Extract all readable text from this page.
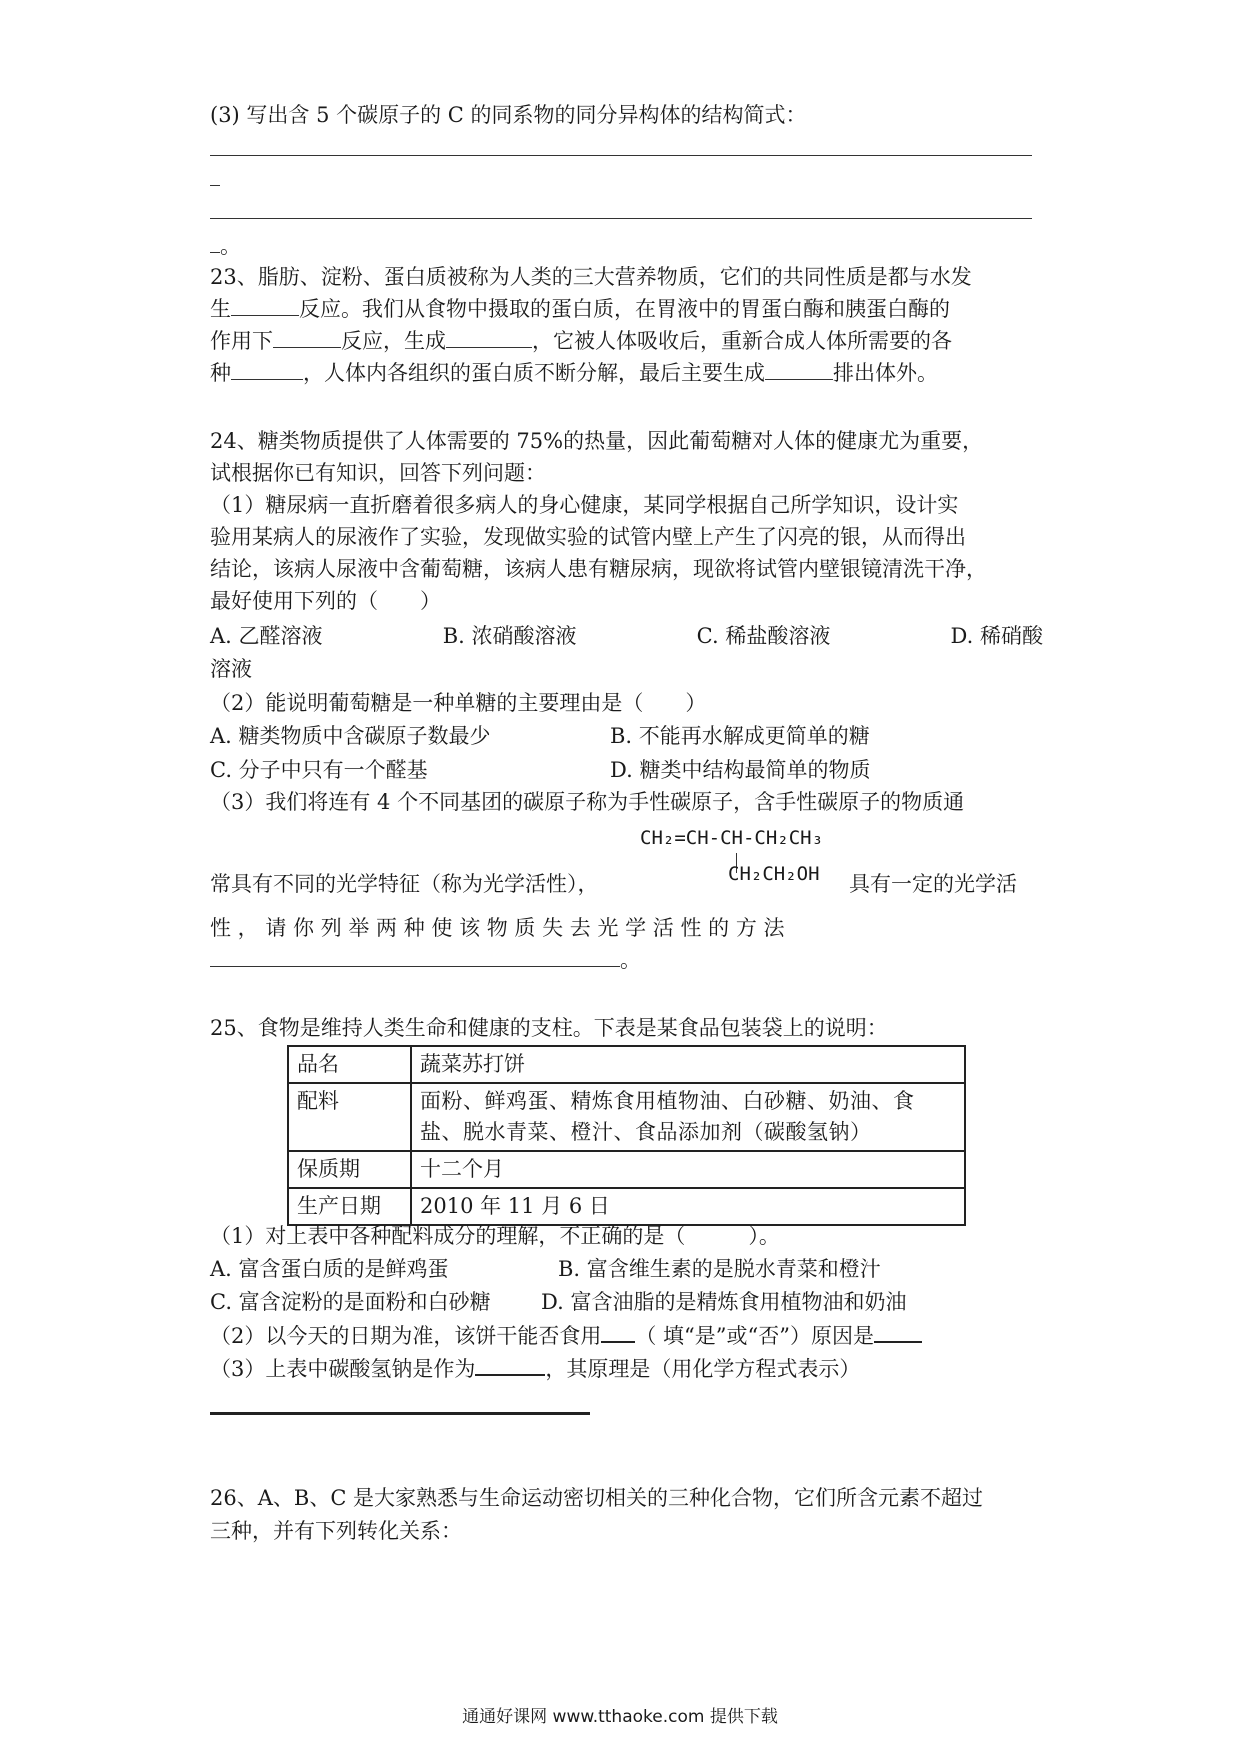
(3) 写出含 5 个碳原子的 C 的同系物的同分异构体的结构简式：
。
23、脂肪、淀粉、蛋白质被称为人类的三大营养物质，它们的共同性质是都与水发
生	反应。我们从食物中摄取的蛋白质，在胃液中的胃蛋白酶和胰蛋白酶的
作用下	反应，生成	，它被人体吸收后，重新合成人体所需要的各
种	，人体内各组织的蛋白质不断分解，最后主要生成	排出体外。
24、糖类物质提供了人体需要的 75%的热量，因此葡萄糖对人体的健康尤为重要，
试根据你已有知识，回答下列问题：
（1）糖尿病一直折磨着很多病人的身心健康，某同学根据自己所学知识，设计实
验用某病人的尿液作了实验，发现做实验的试管内壁上产生了闪亮的银，从而得出
结论，该病人尿液中含葡萄糖，该病人患有糖尿病，现欲将试管内壁银镜清洗干净，
最好使用下列的（　　）
A. 乙醛溶液	B. 浓硝酸溶液	C. 稀盐酸溶液	D. 稀硝酸
溶液
（2）能说明葡萄糖是一种单糖的主要理由是（　　）
A. 糖类物质中含碳原子数最少	B. 不能再水解成更简单的糖
C. 分子中只有一个醛基	D. 糖类中结构最简单的物质
（3）我们将连有 4 个不同基团的碳原子称为手性碳原子，含手性碳原子的物质通
CH₂=CH-CH-CH₂CH₃
CH₂CH₂OH
常具有不同的光学特征（称为光学活性），	具有一定的光学活
性 ， 请 你 列 举 两 种 使 该 物 质 失 去 光 学 活 性 的 方 法
。
25、食物是维持人类生命和健康的支柱。下表是某食品包装袋上的说明：
品名	蔬菜苏打饼
配料	面粉、鲜鸡蛋、精炼食用植物油、白砂糖、奶油、食盐、脱水青菜、橙汁、食品添加剂（碳酸氢钠）
保质期	十二个月
生产日期	2010 年 11 月 6 日
（1）对上表中各种配料成分的理解，不正确的是（　　　）。
A. 富含蛋白质的是鲜鸡蛋	B. 富含维生素的是脱水青菜和橙汁
C. 富含淀粉的是面粉和白砂糖 D. 富含油脂的是精炼食用植物油和奶油
（2）以今天的日期为准，该饼干能否食用 （ 填“是”或“否”）原因是
（3）上表中碳酸氢钠是作为	，其原理是（用化学方程式表示）
26、A、B、C 是大家熟悉与生命运动密切相关的三种化合物，它们所含元素不超过
三种，并有下列转化关系：
通通好课网 www.tthaoke.com 提供下载
